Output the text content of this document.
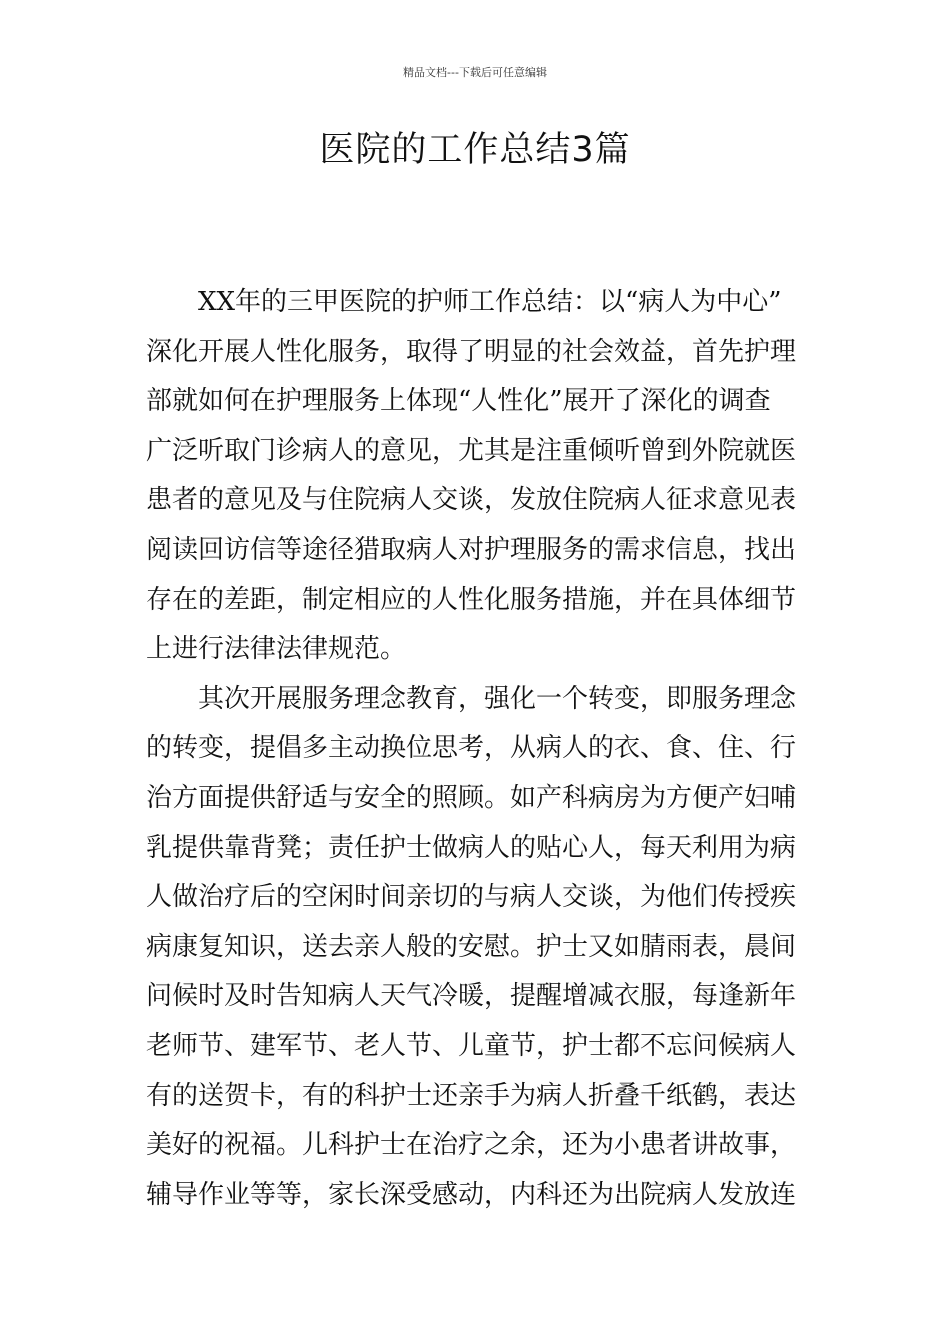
精品文档---下载后可任意编辑
医院的工作总结3篇

XX年的三甲医院的护师工作总结：以“病人为中心”
深化开展人性化服务，取得了明显的社会效益，首先护理
部就如何在护理服务上体现“人性化”展开了深化的调查
广泛听取门诊病人的意见，尤其是注重倾听曾到外院就医
患者的意见及与住院病人交谈，发放住院病人征求意见表
阅读回访信等途径猎取病人对护理服务的需求信息，找出
存在的差距，制定相应的人性化服务措施，并在具体细节
上进行法律法律规范。

其次开展服务理念教育，强化一个转变，即服务理念
的转变，提倡多主动换位思考，从病人的衣、食、住、行
治方面提供舒适与安全的照顾。如产科病房为方便产妇哺
乳提供靠背凳；责任护士做病人的贴心人，每天利用为病
人做治疗后的空闲时间亲切的与病人交谈，为他们传授疾
病康复知识，送去亲人般的安慰。护士又如腈雨表，晨间
问候时及时告知病人天气冷暖，提醒增减衣服，每逢新年
老师节、建军节、老人节、儿童节，护士都不忘问候病人
有的送贺卡，有的科护士还亲手为病人折叠千纸鹤，表达
美好的祝福。儿科护士在治疗之余，还为小患者讲故事，
辅导作业等等，家长深受感动，内科还为出院病人发放连
